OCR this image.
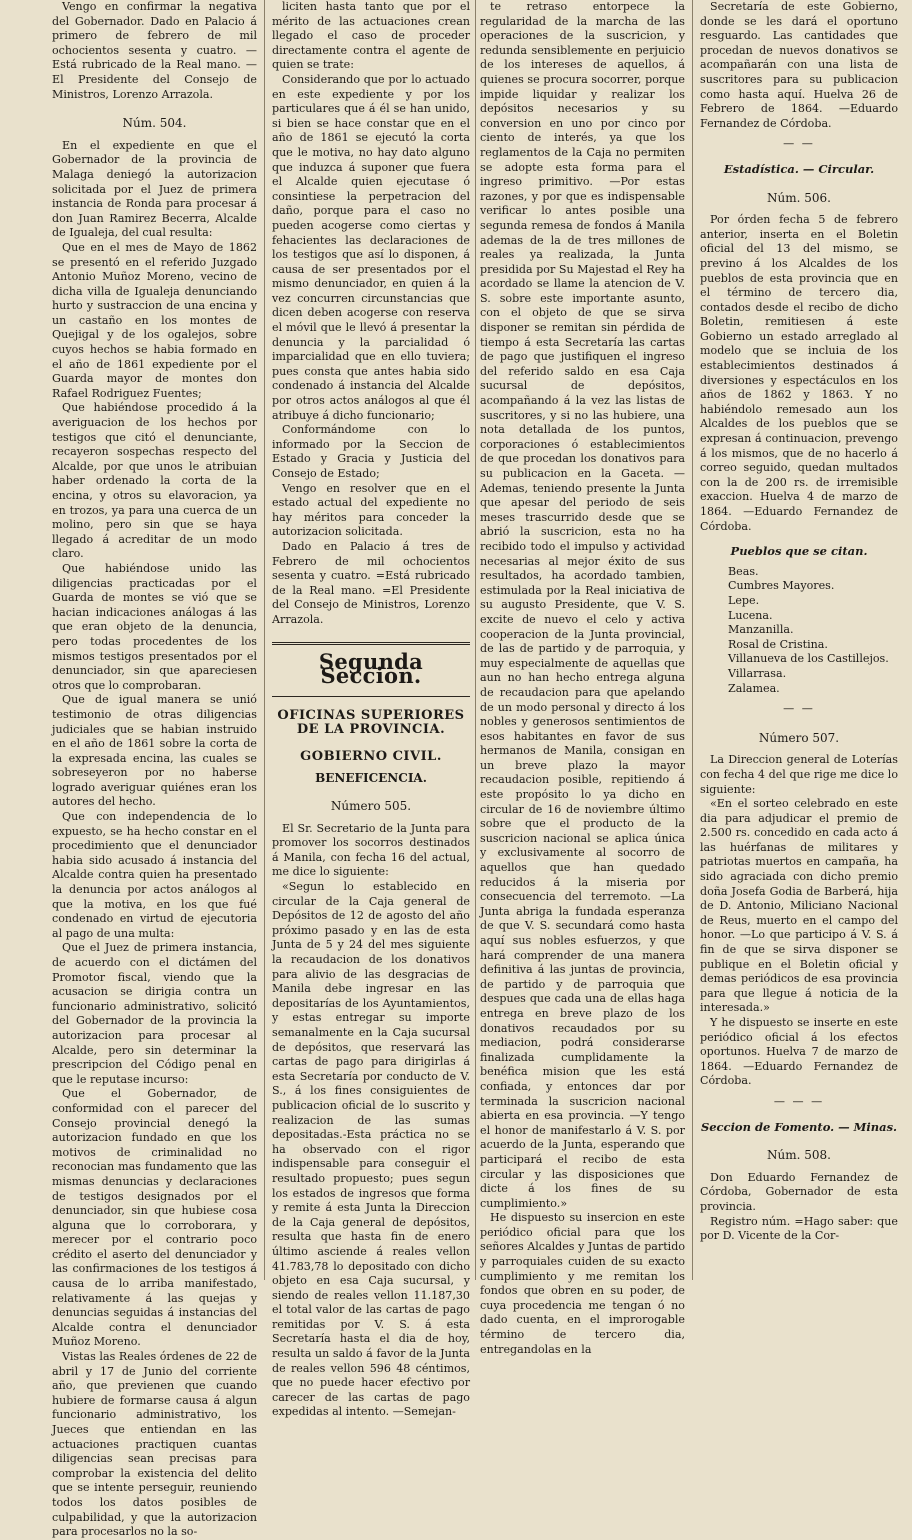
Vengo en confirmar la negativa del Gobernador. Dado en Palacio á primero de febrero de mil ochocientos sesenta y cuatro. —Está rubricado de la Real mano. — El Presidente del Consejo de Ministros, Lorenzo Arrazola.

Núm. 504.

En el expediente en que el Gobernador de la provincia de Malaga deniegó la autorizacion solicitada por el Juez de primera instancia de Ronda para procesar á don Juan Ramirez Becerra, Alcalde de Igualeja, del cual resulta:

Que en el mes de Mayo de 1862 se presentó en el referido Juzgado Antonio Muñoz Moreno, vecino de dicha villa de Igualeja denunciando hurto y sustraccion de una encina y un castaño en los montes de Quejigal y de los ogalejos, sobre cuyos hechos se habia formado en el año de 1861 expediente por el Guarda mayor de montes don Rafael Rodriguez Fuentes;

Que habiéndose procedido á la averiguacion de los hechos por testigos que citó el denunciante, recayeron sospechas respecto del Alcalde, por que unos le atribuian haber ordenado la corta de la encina, y otros su elavoracion, ya en trozos, ya para una cuerca de un molino, pero sin que se haya llegado á acreditar de un modo claro.

Que habiéndose unido las diligencias practicadas por el Guarda de montes se vió que se hacian indicaciones análogas á las que eran objeto de la denuncia, pero todas procedentes de los mismos testigos presentados por el denunciador, sin que apareciesen otros que lo comprobaran.

Que de igual manera se unió testimonio de otras diligencias judiciales que se habian instruido en el año de 1861 sobre la corta de la expresada encina, las cuales se sobreseyeron por no haberse logrado averiguar quiénes eran los autores del hecho.

Que con independencia de lo expuesto, se ha hecho constar en el procedimiento que el denunciador habia sido acusado á instancia del Alcalde contra quien ha presentado la denuncia por actos análogos al que la motiva, en los que fué condenado en virtud de ejecutoria al pago de una multa:

Que el Juez de primera instancia, de acuerdo con el dictámen del Promotor fiscal, viendo que la acusacion se dirigia contra un funcionario administrativo, solicitó del Gobernador de la provincia la autorizacion para procesar al Alcalde, pero sin determinar la prescripcion del Código penal en que le reputase incurso:

Que el Gobernador, de conformidad con el parecer del Consejo provincial denegó la autorizacion fundado en que los motivos de criminalidad no reconocian mas fundamento que las mismas denuncias y declaraciones de testigos designados por el denunciador, sin que hubiese cosa alguna que lo corroborara, y merecer por el contrario poco crédito el aserto del denunciador y las confirmaciones de los testigos á causa de lo arriba manifestado, relativamente á las quejas y denuncias seguidas á instancias del Alcalde contra el denunciador Muñoz Moreno.

Vistas las Reales órdenes de 22 de abril y 17 de Junio del corriente año, que previenen que cuando hubiere de formarse causa á algun funcionario administrativo, los Jueces que entiendan en las actuaciones practiquen cuantas diligencias sean precisas para comprobar la existencia del delito que se intente perseguir, reuniendo todos los datos posibles de culpabilidad, y que la autorizacion para procesarlos no la so-

liciten hasta tanto que por el mérito de las actuaciones crean llegado el caso de proceder directamente contra el agente de quien se trate:

Considerando que por lo actuado en este expediente y por los particulares que á él se han unido, si bien se hace constar que en el año de 1861 se ejecutó la corta que le motiva, no hay dato alguno que induzca á suponer que fuera el Alcalde quien ejecutase ó consintiese la perpetracion del daño, porque para el caso no pueden acogerse como ciertas y fehacientes las declaraciones de los testigos que así lo disponen, á causa de ser presentados por el mismo denunciador, en quien á la vez concurren circunstancias que dicen deben acogerse con reserva el móvil que le llevó á presentar la denuncia y la parcialidad ó imparcialidad que en ello tuviera; pues consta que antes habia sido condenado á instancia del Alcalde por otros actos análogos al que él atribuye á dicho funcionario;

Conformándome con lo informado por la Seccion de Estado y Gracia y Justicia del Consejo de Estado;

Vengo en resolver que en el estado actual del expediente no hay méritos para conceder la autorizacion solicitada.

Dado en Palacio á tres de Febrero de mil ochocientos sesenta y cuatro. =Está rubricado de la Real mano. =El Presidente del Consejo de Ministros, Lorenzo Arrazola.

Segunda Seccion.
OFICINAS SUPERIORES DE LA PROVINCIA.
GOBIERNO CIVIL.
BENEFICENCIA.
Número 505.

El Sr. Secretario de la Junta para promover los socorros destinados á Manila, con fecha 16 del actual, me dice lo siguiente:

«Segun lo establecido en circular de la Caja general de Depósitos de 12 de agosto del año próximo pasado y en las de esta Junta de 5 y 24 del mes siguiente la recaudacion de los donativos para alivio de las desgracias de Manila debe ingresar en las depositarías de los Ayuntamientos, y estas entregar su importe semanalmente en la Caja sucursal de depósitos, que reservará las cartas de pago para dirigirlas á esta Secretaría por conducto de V. S., á los fines consiguientes de publicacion oficial de lo suscrito y realizacion de las sumas depositadas.-Esta práctica no se ha observado con el rigor indispensable para conseguir el resultado propuesto; pues segun los estados de ingresos que forma y remite á esta Junta la Direccion de la Caja general de depósitos, resulta que hasta fin de enero último asciende á reales vellon 41.783,78 lo depositado con dicho objeto en esa Caja sucursal, y siendo de reales vellon 11.187,30 el total valor de las cartas de pago remitidas por V. S. á esta Secretaría hasta el dia de hoy, resulta un saldo á favor de la Junta de reales vellon 596 48 céntimos, que no puede hacer efectivo por carecer de las cartas de pago expedidas al intento. —Semejan-

te retraso entorpece la regularidad de la marcha de las operaciones de la suscricion, y redunda sensiblemente en perjuicio de los intereses de aquellos, á quienes se procura socorrer, porque impide liquidar y realizar los depósitos necesarios y su conversion en uno por cinco por ciento de interés, ya que los reglamentos de la Caja no permiten se adopte esta forma para el ingreso primitivo. —Por estas razones, y por que es indispensable verificar lo antes posible una segunda remesa de fondos á Manila ademas de la de tres millones de reales ya realizada, la Junta presidida por Su Majestad el Rey ha acordado se llame la atencion de V. S. sobre este importante asunto, con el objeto de que se sirva disponer se remitan sin pérdida de tiempo á esta Secretaría las cartas de pago que justifiquen el ingreso del referido saldo en esa Caja sucursal de depósitos, acompañando á la vez las listas de suscritores, y si no las hubiere, una nota detallada de los puntos, corporaciones ó establecimientos de que procedan los donativos para su publicacion en la Gaceta. —Ademas, teniendo presente la Junta que apesar del periodo de seis meses trascurrido desde que se abrió la suscricion, esta no ha recibido todo el impulso y actividad necesarias al mejor éxito de sus resultados, ha acordado tambien, estimulada por la Real iniciativa de su augusto Presidente, que V. S. excite de nuevo el celo y activa cooperacion de la Junta provincial, de las de partido y de parroquia, y muy especialmente de aquellas que aun no han hecho entrega alguna de recaudacion para que apelando de un modo personal y directo á los nobles y generosos sentimientos de esos habitantes en favor de sus hermanos de Manila, consigan en un breve plazo la mayor recaudacion posible, repitiendo á este propósito lo ya dicho en circular de 16 de noviembre último sobre que el producto de la suscricion nacional se aplica única y exclusivamente al socorro de aquellos que han quedado reducidos á la miseria por consecuencia del terremoto. —La Junta abriga la fundada esperanza de que V. S. secundará como hasta aquí sus nobles esfuerzos, y que hará comprender de una manera definitiva á las juntas de provincia, de partido y de parroquia que despues que cada una de ellas haga entrega en breve plazo de los donativos recaudados por su mediacion, podrá considerarse finalizada cumplidamente la benéfica mision que les está confiada, y entonces dar por terminada la suscricion nacional abierta en esa provincia. —Y tengo el honor de manifestarlo á V. S. por acuerdo de la Junta, esperando que participará el recibo de esta circular y las disposiciones que dicte á los fines de su cumplimiento.»

He dispuesto su insercion en este periódico oficial para que los señores Alcaldes y Juntas de partido y parroquiales cuiden de su exacto cumplimiento y me remitan los fondos que obren en su poder, de cuya procedencia me tengan ó no dado cuenta, en el improrogable término de tercero dia, entregandolas en la

Secretaría de este Gobierno, donde se les dará el oportuno resguardo. Las cantidades que procedan de nuevos donativos se acompañarán con una lista de suscritores para su publicacion como hasta aquí. Huelva 26 de Febrero de 1864. —Eduardo Fernandez de Córdoba.

— —
Estadística. — Circular.
Núm. 506.

Por órden fecha 5 de febrero anterior, inserta en el Boletin oficial del 13 del mismo, se previno á los Alcaldes de los pueblos de esta provincia que en el término de tercero dia, contados desde el recibo de dicho Boletin, remitiesen á este Gobierno un estado arreglado al modelo que se incluia de los establecimientos destinados á diversiones y espectáculos en los años de 1862 y 1863. Y no habiéndolo remesado aun los Alcaldes de los pueblos que se expresan á continuacion, prevengo á los mismos, que de no hacerlo á correo seguido, quedan multados con la de 200 rs. de irremisible exaccion. Huelva 4 de marzo de 1864. —Eduardo Fernandez de Córdoba.

Pueblos que se citan.

Beas.

Cumbres Mayores.

Lepe.

Lucena.

Manzanilla.

Rosal de Cristina.

Villanueva de los Castillejos.

Villarrasa.

Zalamea.

— —
Número 507.

La Direccion general de Loterías con fecha 4 del que rige me dice lo siguiente:

«En el sorteo celebrado en este dia para adjudicar el premio de 2.500 rs. concedido en cada acto á las huérfanas de militares y patriotas muertos en campaña, ha sido agraciada con dicho premio doña Josefa Godia de Barberá, hija de D. Antonio, Miliciano Nacional de Reus, muerto en el campo del honor. —Lo que participo á V. S. á fin de que se sirva disponer se publique en el Boletin oficial y demas periódicos de esa provincia para que llegue á noticia de la interesada.»

Y he dispuesto se inserte en este periódico oficial á los efectos oportunos. Huelva 7 de marzo de 1864. —Eduardo Fernandez de Córdoba.

— — —
Seccion de Fomento. — Minas.
Núm. 508.

Don Eduardo Fernandez de Córdoba, Gobernador de esta provincia.

Registro núm. =Hago saber: que por D. Vicente de la Cor-
